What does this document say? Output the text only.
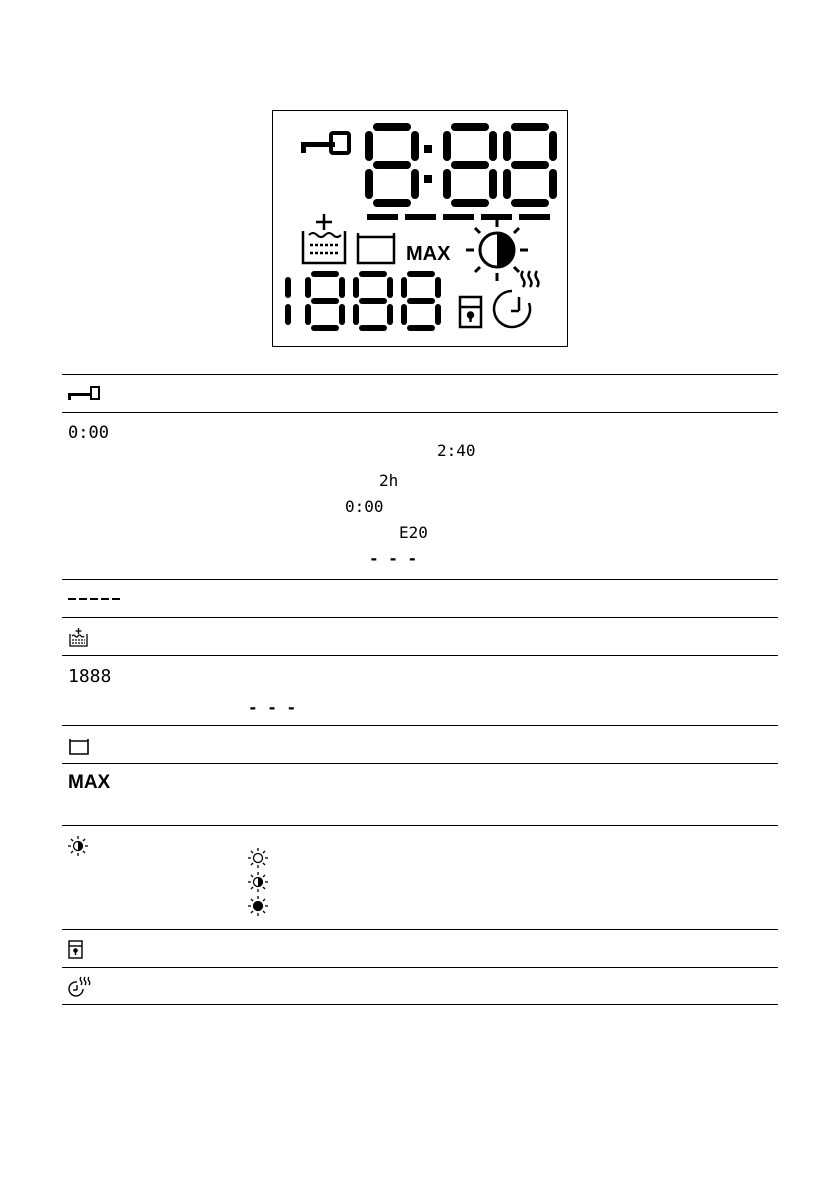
MAX
0:00
2:40
2h
0:00
E20
- - -
1888
- - -
MAX
